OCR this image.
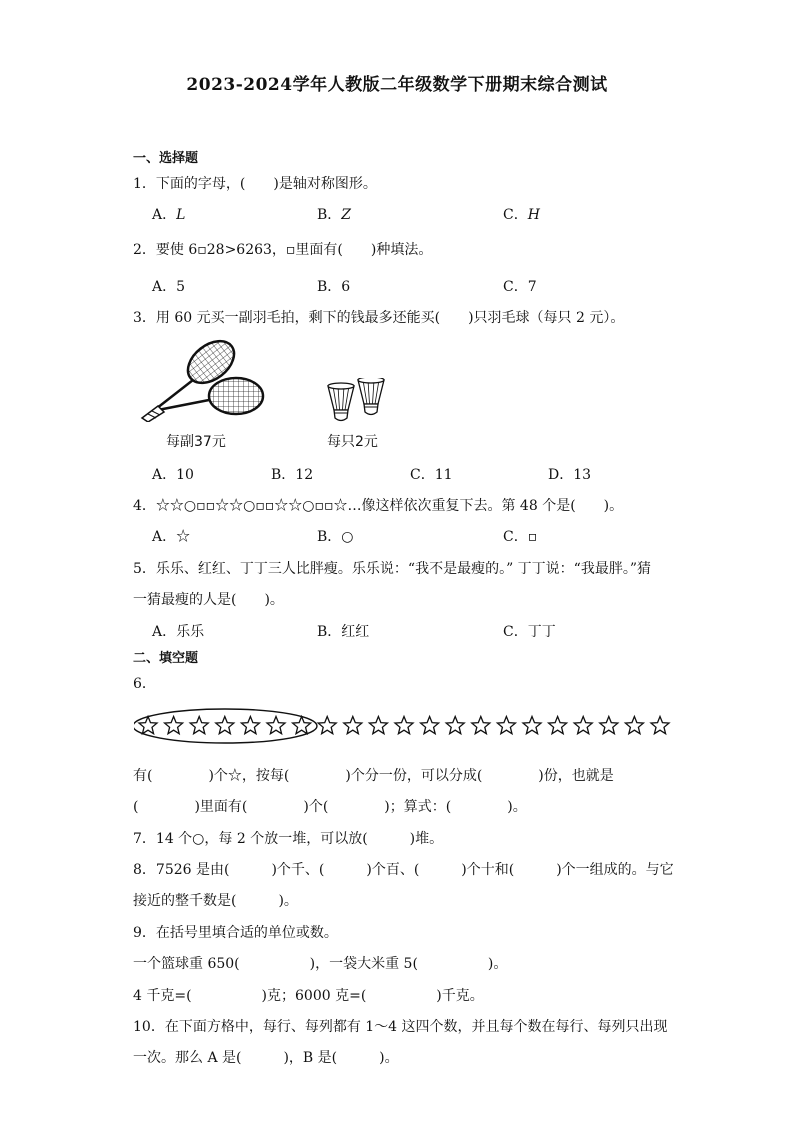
2023-2024学年人教版二年级数学下册期末综合测试
一、选择题
1．下面的字母，(　　)是轴对称图形。
A．L	B．Z	C．H
2．要使 6▫28>6263，▫里面有(　　)种填法。
A．5	B．6	C．7
3．用 60 元买一副羽毛拍，剩下的钱最多还能买(　　)只羽毛球（每只 2 元）。
每副37元	每只2元
A．10	B．12	C．11	D．13
4．☆☆○▫▫☆☆○▫▫☆☆○▫▫☆…像这样依次重复下去。第 48 个是(　　)。
A．☆	B．○	C．▫
5．乐乐、红红、丁丁三人比胖瘦。乐乐说：“我不是最瘦的。” 丁丁说：“我最胖。”猜
一猜最瘦的人是(　　)。
A．乐乐	B．红红	C．丁丁
二、填空题
6．
有(　　　　)个☆，按每(　　　　)个分一份，可以分成(　　　　)份，也就是
(　　　　)里面有(　　　　)个(　　　　)；算式：(　　　　)。
7．14 个○，每 2 个放一堆，可以放(　　　)堆。
8．7526 是由(　　　)个千、(　　　)个百、(　　　)个十和(　　　)个一组成的。与它
接近的整千数是(　　　)。
9．在括号里填合适的单位或数。
一个篮球重 650(　　　　　)，一袋大米重 5(　　　　　)。
4 千克=(　　　　　)克；6000 克=(　　　　　)千克。
10．在下面方格中，每行、每列都有 1～4 这四个数，并且每个数在每行、每列只出现
一次。那么 A 是(　　　)，B 是(　　　)。
